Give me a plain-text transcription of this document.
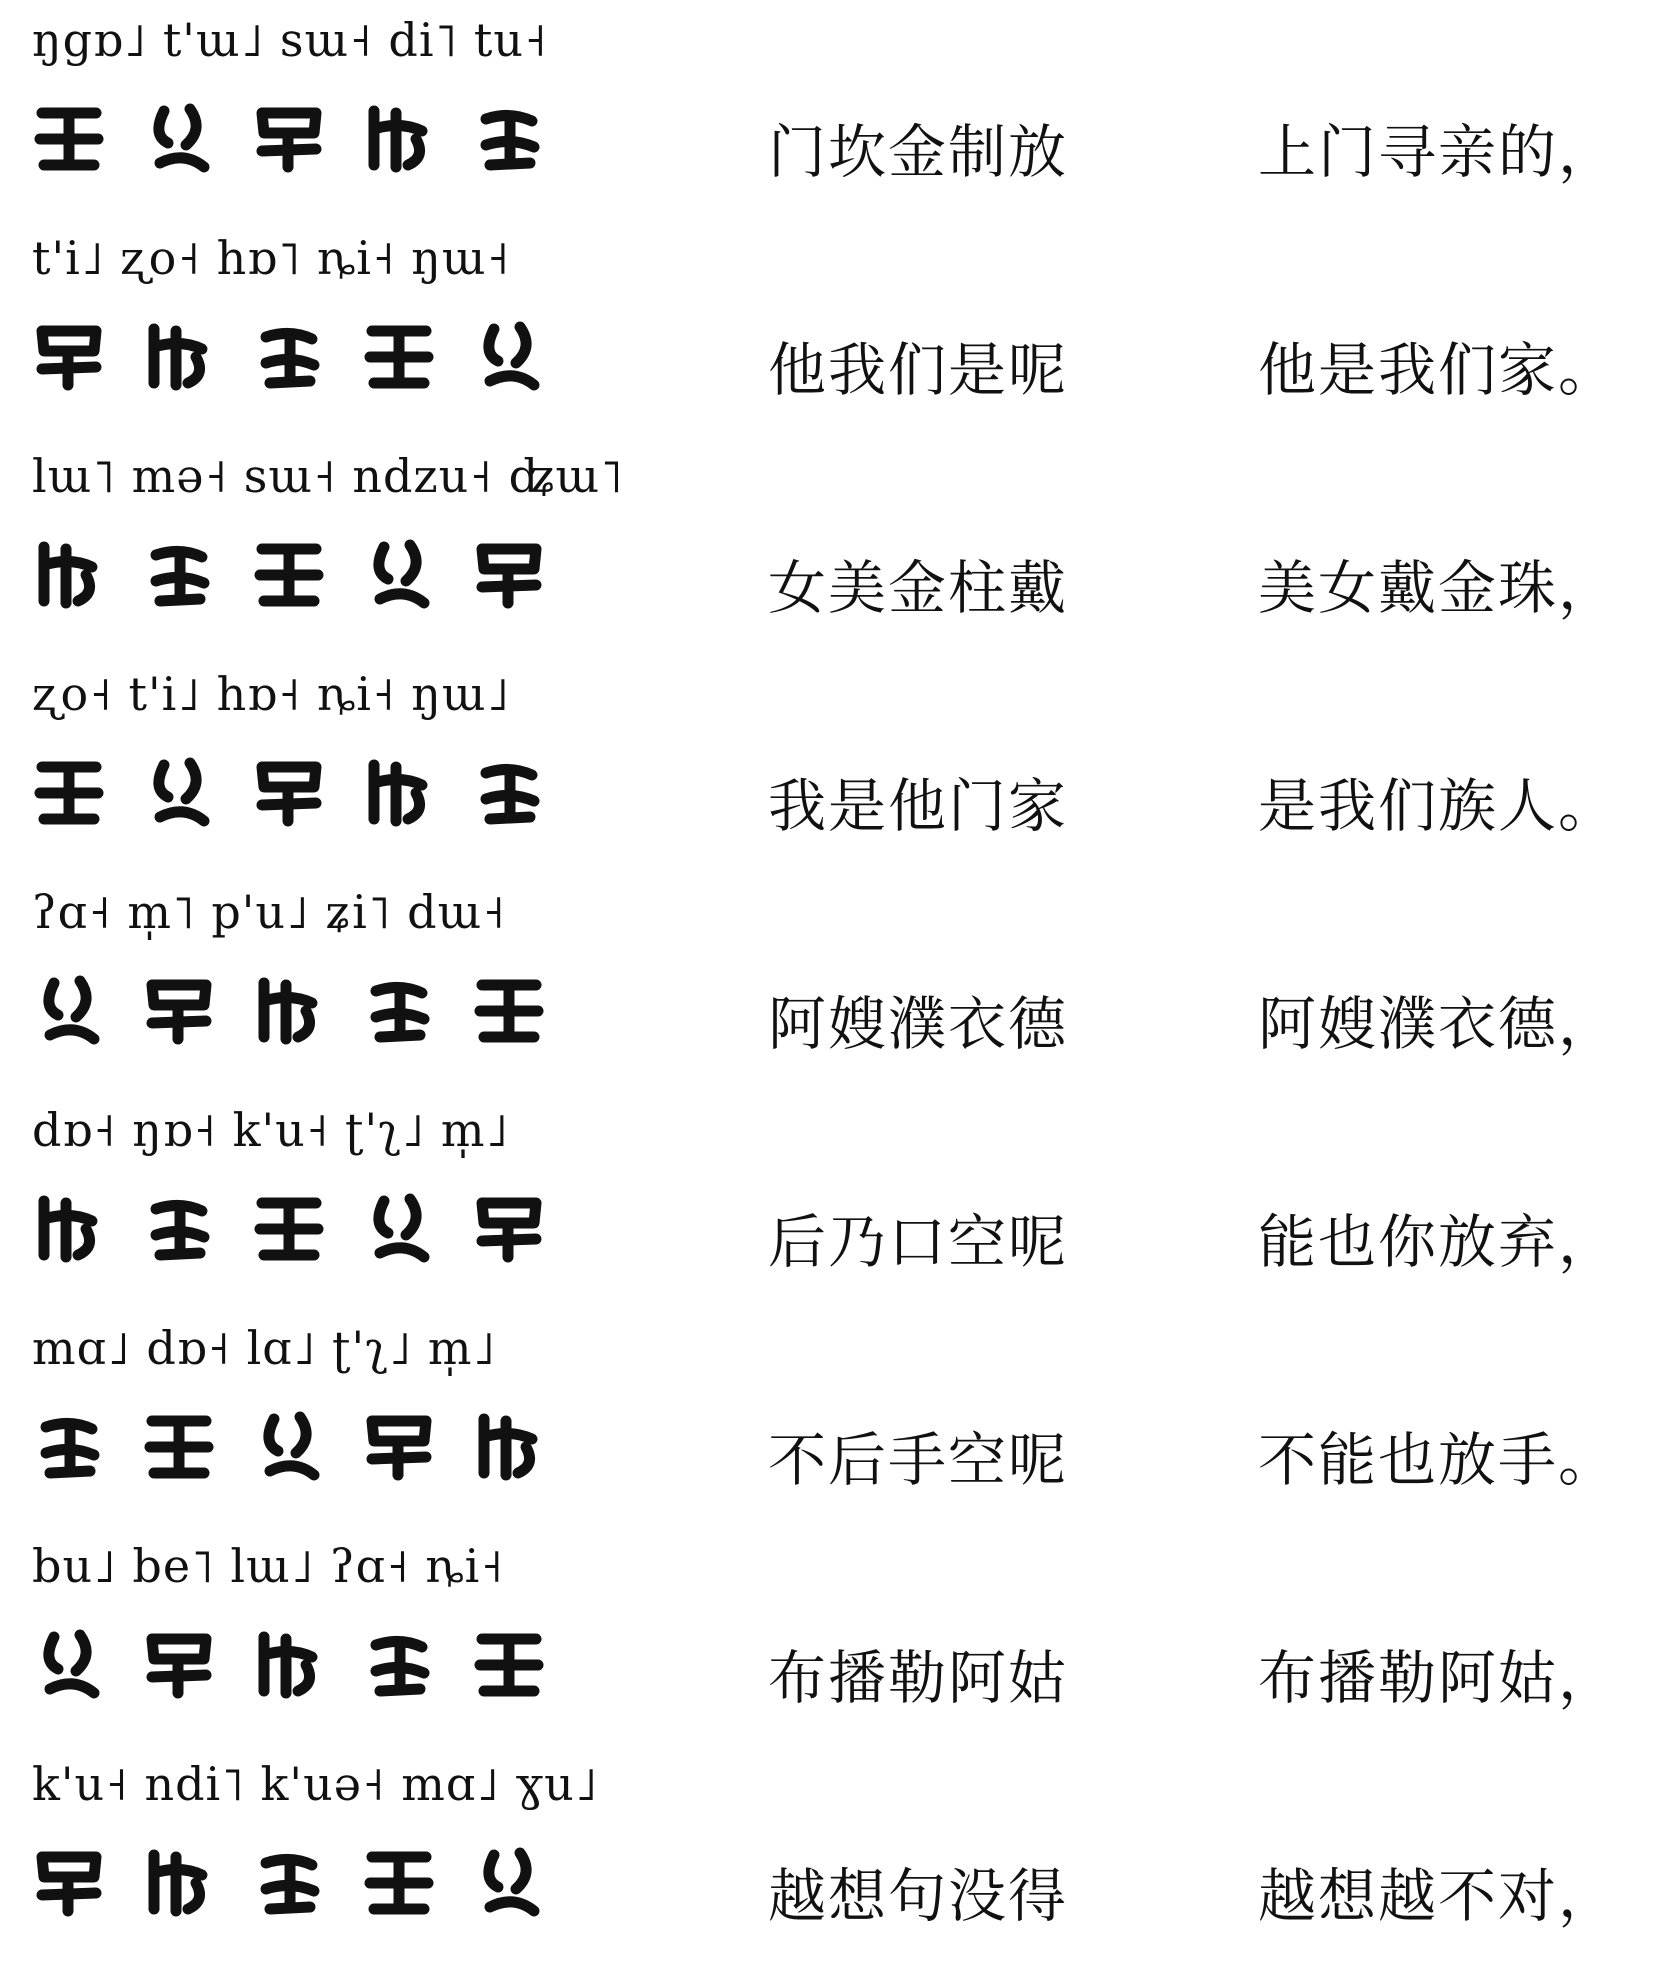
ŋgɒ˩ t'ɯ˩ sɯ˧ di˥ tu˧
门坎金制放	上门寻亲的，
t'i˩ ʐo˧ hɒ˥ ȵi˧ ŋɯ˧
他我们是呢	他是我们家。
lɯ˥ mə˧ sɯ˧ ndzu˧ ʥɯ˥
女美金柱戴	美女戴金珠，
ʐo˧ t'i˩ hɒ˧ ȵi˧ ŋɯ˩
我是他门家	是我们族人。
ʔɑ˧ m̩˥ p'u˩ ʑi˥ dɯ˧
阿嫂濮衣德	阿嫂濮衣德，
dɒ˧ ŋɒ˧ k'u˧ ʈ'ʅ˩ m̩˩
后乃口空呢	能也你放弃，
mɑ˩ dɒ˧ lɑ˩ ʈ'ʅ˩ m̩˩
不后手空呢	不能也放手。
bu˩ be˥ lɯ˩ ʔɑ˧ ȵi˧
布播勒阿姑	布播勒阿姑，
k'u˧ ndi˥ k'uə˧ mɑ˩ ɣu˩
越想句没得	越想越不对，
